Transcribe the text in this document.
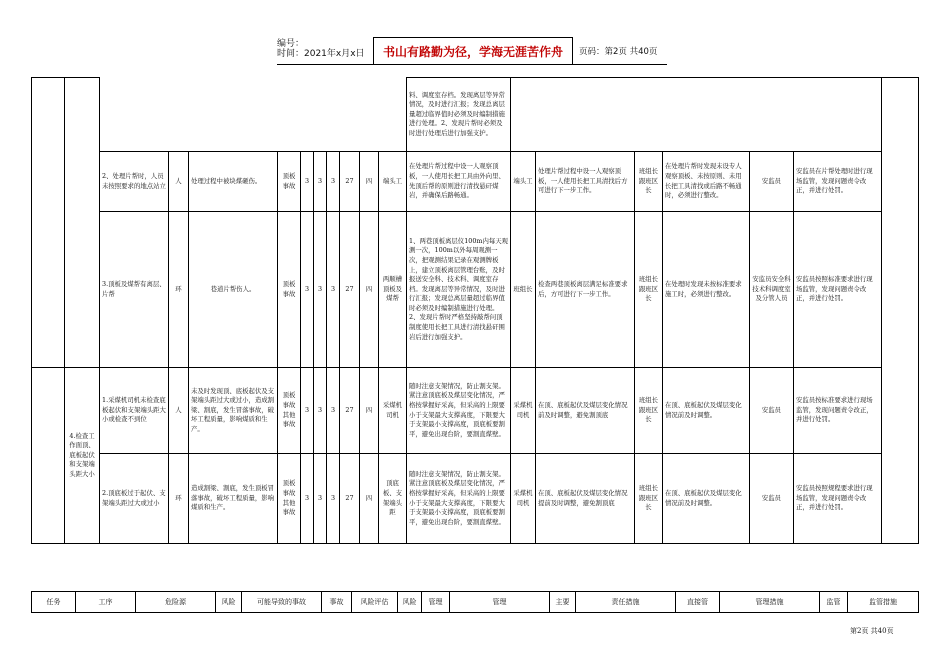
编号：
时间：2021年x月x日	书山有路勤为径，学海无涯苦作舟	页码：第2页 共40页
												料、调度室存档。发现离层等异常情况，及时进行汇报；发现总离层量超过临界值时必须及时编制措施进行处理。2、发现片帮时必须及时进行处理后进行加强支护。							
		2、处理片帮时，人员未按照要求的地点站立	人	处理过程中被块煤砸伤。	顶板事故	3	3	3	27	四	端头工	在处理片帮过程中设一人观察顶板，一人使用长把工具由外向里、先顶后帮的原则进行清找悬矸煤岩，并确保后路畅通。	端头工	处理片帮过程中设一人观察顶板，一人使用长把工具清找后方可进行下一步工作。	班组长跟班区长	在处理片帮时发现未设专人观察顶板、未按原则、未用长把工具清找或后路不畅通时，必须进行整改。	安监员	安监员在片帮处理时进行现场监管，发现问题责令改正，并进行处罚。	
		3.顶板及煤帮有离层、片帮	环	巷道片帮伤人。	顶板事故	3	3	3	27	四	两顺槽顶板及煤帮	1、两巷顶板离层仪100m内每天观测一次，100m以外每周观测一次，把观测结果记录在观测牌板上，建立顶板离层管理台账，及时报送安全科、技术科、调度室存档。发现离层等异常情况，及时进行汇报；发现总离层量超过临界值时必须及时编制措施进行处理。2、发现片帮时严格坚持敲帮问顶制度使用长把工具进行清找悬矸围岩后进行加强支护。	班组长	检查两巷顶板离层满足标准要求后，方可进行下一步工作。	班组长跟班区长	在处理时发现未按标准要求施工时，必须进行整改。	安监员安全科技术科调度室及分管人员	安监员按照标准要求进行现场监管，发现问题责令改正，并进行处罚。	
	4.检查工作面顶、底板起伏和支架端头距大小	1.采煤机司机未检查底板起伏和支架端头距大小或检查不到位	人	未及时发现顶、底板起伏及支架端头距过大或过小，造成割梁、割底，发生冒落事故，破坏工程质量，影响煤质和生产。	顶板事故其他事故	3	3	3	27	四	采煤机司机	随时注意支架情况，防止割支架。紧注意顶底板及煤层变化情况，严格按掌握好采高，但采高的上限要小于支架最大支撑高度，下限要大于支架最小支撑高度，顶底板要割平，避免出现台阶，要割直煤壁。	采煤机司机	在顶、底板起伏及煤层变化情况前及时调整，避免割顶底	班组长跟班区长	在顶、底板起伏及煤层变化情况前及时调整。	安监员	安监员按标准要求进行现场监管，发现问题责令改正，并进行处罚。	
		2.顶底板过于起伏、支架端头距过大或过小	环	造成割梁、割底，发生顶板冒落事故，破坏工程质量，影响煤质和生产。	顶板事故其他事故	3	3	3	27	四	顶底板、支架端头距	随时注意支架情况，防止割支架。紧注意顶底板及煤层变化情况，严格按掌握好采高，但采高的上限要小于支架最大支撑高度，下限要大于支架最小支撑高度，顶底板要割平，避免出现台阶，要割直煤壁。	采煤机司机	在顶、底板起伏及煤层变化情况提前及时调整，避免割顶底	班组长跟班区长	在顶、底板起伏及煤层变化情况前及时调整。	安监员	安监员按照规程要求进行现场监管，发现问题责令改正，并进行处罚。	
任务	工序	危险源	风险	可能导致的事故	事故	风险评估	风险	管理	管理	主要	责任措施	直接管	管理措施	监管	监管措施
第2页 共40页
